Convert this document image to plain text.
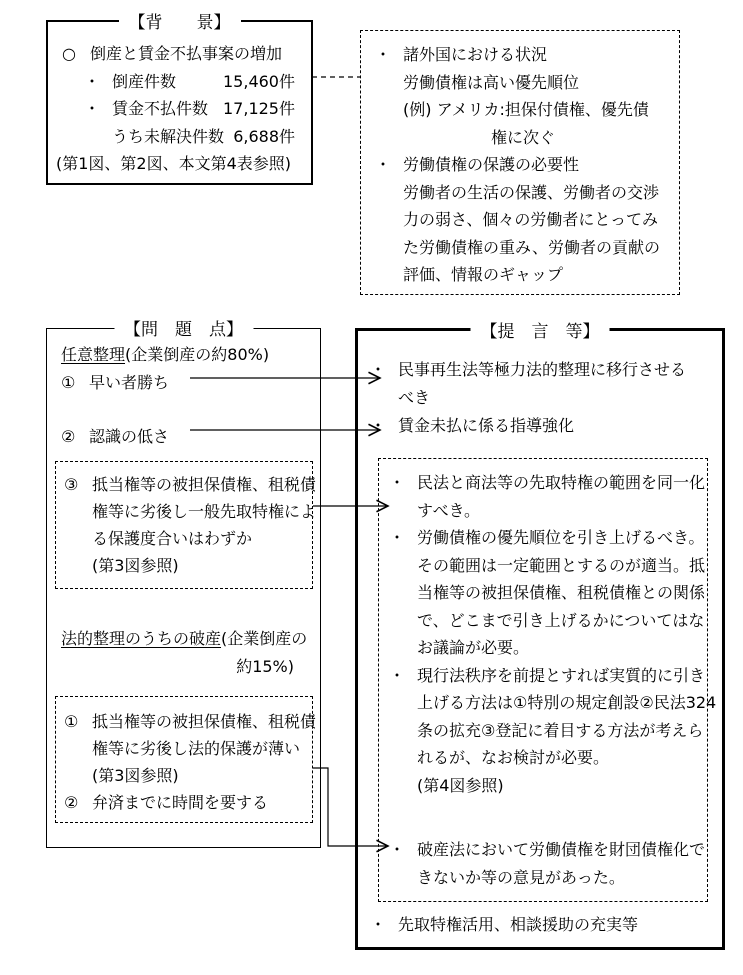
【背　　景】
○ 倒産と賃金不払事案の増加
・ 倒産件数	15,460件
・ 賃金不払件数 17,125件
うち未解決件数 6,688件
(第1図、第2図、本文第4表参照)
・ 諸外国における状況
労働債権は高い優先順位
(例) アメリカ:担保付債権、優先債
権に次ぐ
・ 労働債権の保護の必要性
労働者の生活の保護、労働者の交渉
力の弱さ、個々の労働者にとってみ
た労働債権の重み、労働者の貢献の
評価、情報のギャップ
【問　題　点】
任意整理 (企業倒産の約80%)
① 早い者勝ち
② 認識の低さ
③ 抵当権等の被担保債権、租税債
権等に劣後し一般先取特権によ
る保護度合いはわずか
(第3図参照)
法的整理のうちの破産 (企業倒産の
約15%)
① 抵当権等の被担保債権、租税債
権等に劣後し法的保護が薄い
(第3図参照)
② 弁済までに時間を要する
【提　言　等】
・ 民事再生法等極力法的整理に移行させる
べき
・ 賃金未払に係る指導強化
・ 民法と商法等の先取特権の範囲を同一化
すべき。
・ 労働債権の優先順位を引き上げるべき。
その範囲は一定範囲とするのが適当。抵
当権等の被担保債権、租税債権との関係
で、どこまで引き上げるかについてはな
お議論が必要。
・ 現行法秩序を前提とすれば実質的に引き
上げる方法は①特別の規定創設②民法324
条の拡充③登記に着目する方法が考えら
れるが、なお検討が必要。
(第4図参照)
・ 破産法において労働債権を財団債権化で
きないか等の意見があった。
・ 先取特権活用、相談援助の充実等
